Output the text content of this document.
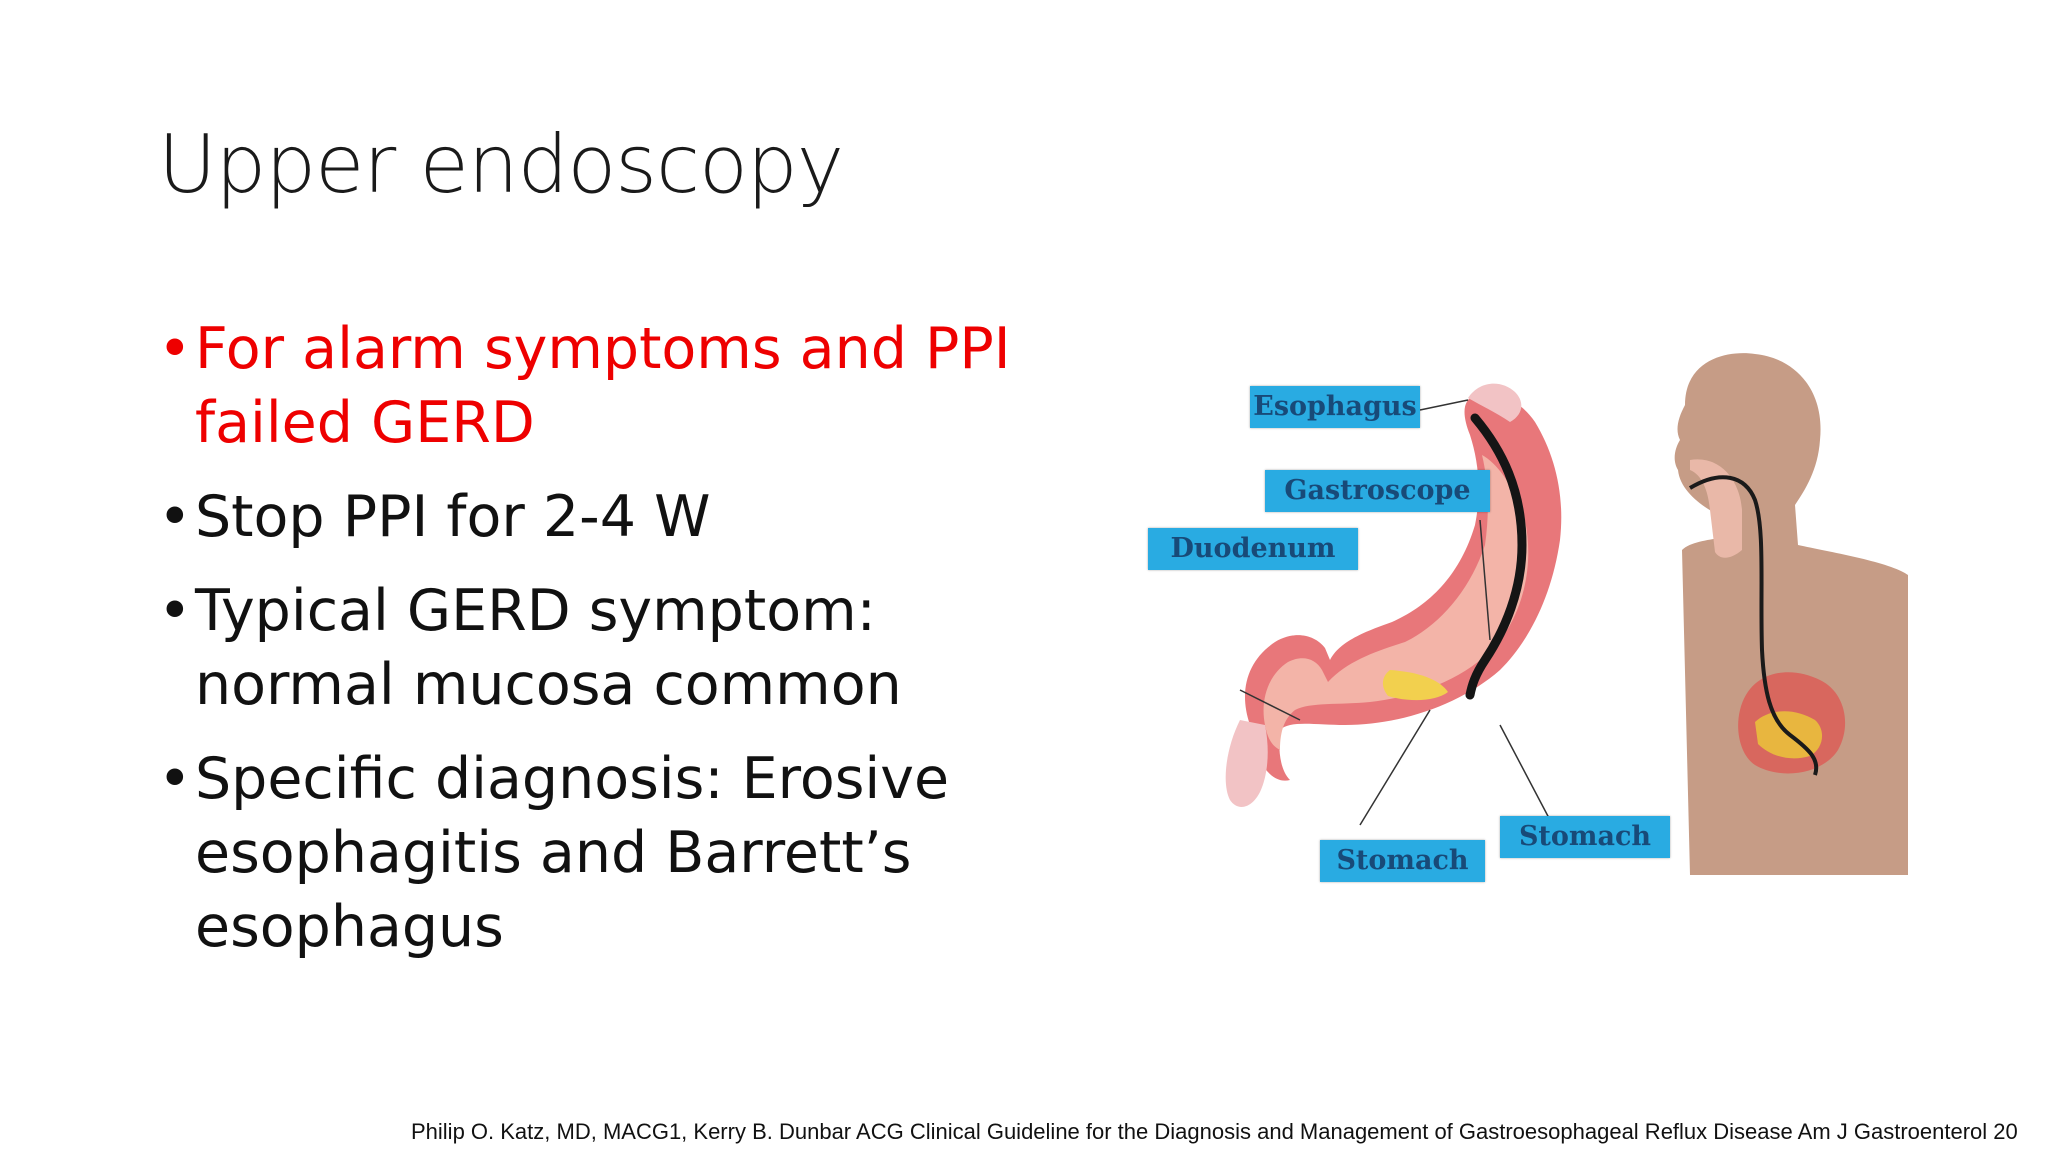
Upper endoscopy
• For alarm symptoms and PPI failed GERD
• Stop PPI for 2-4 W
• Typical GERD symptom: normal mucosa common
• Specific diagnosis: Erosive esophagitis and Barrett’s esophagus
Esophagus
Gastroscope
Duodenum
Stomach
Stomach
Philip O. Katz, MD, MACG1, Kerry B. Dunbar ACG Clinical Guideline for the Diagnosis and Management of Gastroesophageal Reflux Disease Am J Gastroenterol 20
